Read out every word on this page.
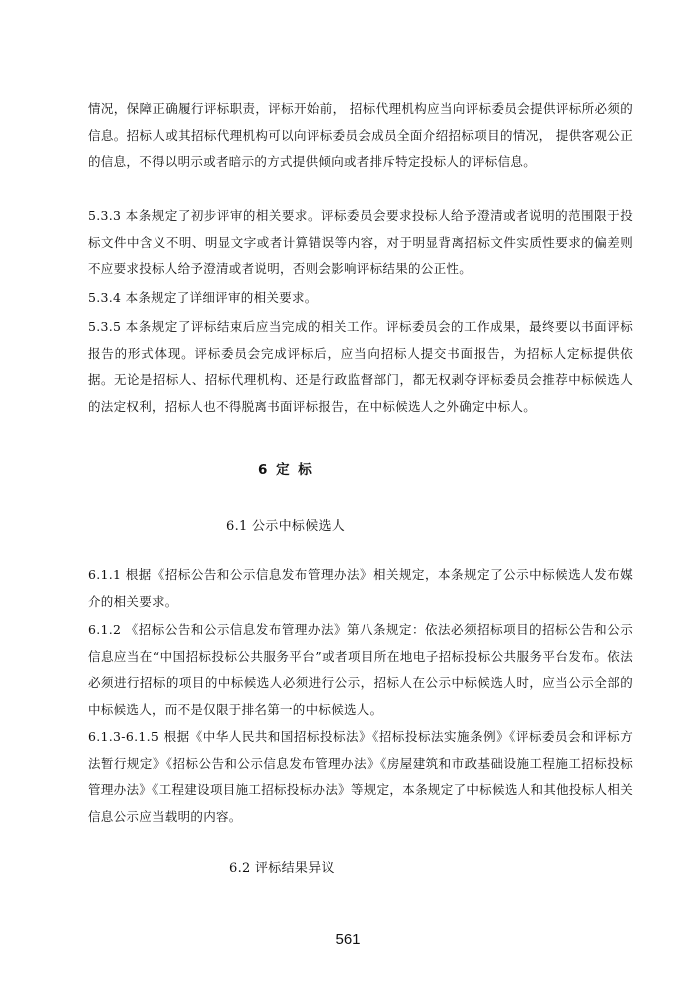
情况，保障正确履行评标职责，评标开始前， 招标代理机构应当向评标委员会提供评标所必须的信息。招标人或其招标代理机构可以向评标委员会成员全面介绍招标项目的情况， 提供客观公正的信息，不得以明示或者暗示的方式提供倾向或者排斥特定投标人的评标信息。

5.3.3 本条规定了初步评审的相关要求。评标委员会要求投标人给予澄清或者说明的范围限于投标文件中含义不明、明显文字或者计算错误等内容，对于明显背离招标文件实质性要求的偏差则不应要求投标人给予澄清或者说明，否则会影响评标结果的公正性。

5.3.4 本条规定了详细评审的相关要求。

5.3.5 本条规定了评标结束后应当完成的相关工作。评标委员会的工作成果，最终要以书面评标报告的形式体现。评标委员会完成评标后，应当向招标人提交书面报告，为招标人定标提供依据。无论是招标人、招标代理机构、还是行政监督部门，都无权剥夺评标委员会推荐中标候选人的法定权利，招标人也不得脱离书面评标报告，在中标候选人之外确定中标人。

6 定 标
6.1 公示中标候选人

6.1.1 根据《招标公告和公示信息发布管理办法》相关规定，本条规定了公示中标候选人发布媒介的相关要求。

6.1.2 《招标公告和公示信息发布管理办法》第八条规定：依法必须招标项目的招标公告和公示信息应当在“中国招标投标公共服务平台”或者项目所在地电子招标投标公共服务平台发布。依法必须进行招标的项目的中标候选人必须进行公示，招标人在公示中标候选人时，应当公示全部的中标候选人，而不是仅限于排名第一的中标候选人。

6.1.3-6.1.5 根据《中华人民共和国招标投标法》《招标投标法实施条例》《评标委员会和评标方法暂行规定》《招标公告和公示信息发布管理办法》《房屋建筑和市政基础设施工程施工招标投标管理办法》《工程建设项目施工招标投标办法》等规定，本条规定了中标候选人和其他投标人相关信息公示应当载明的内容。

6.2 评标结果异议
561
